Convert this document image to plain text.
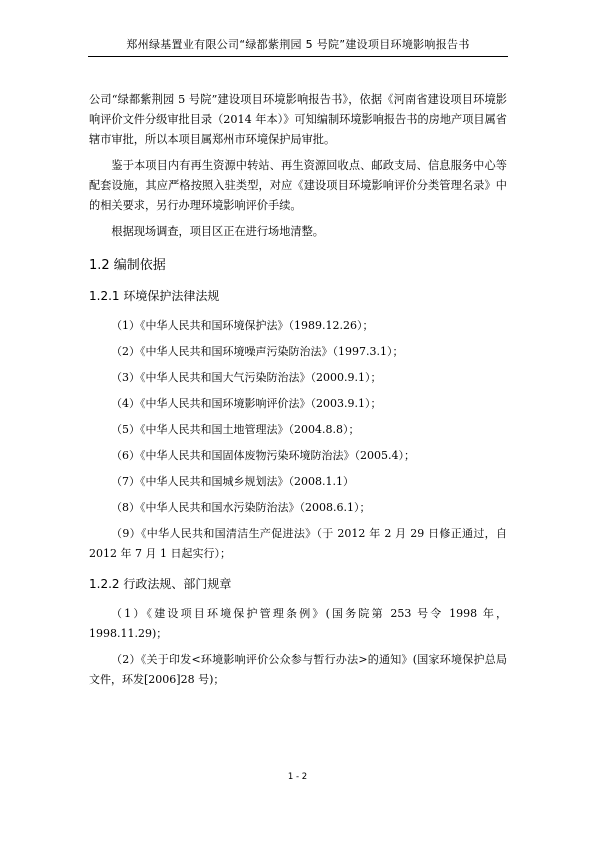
郑州绿基置业有限公司“绿都紫荆园 5 号院”建设项目环境影响报告书

公司“绿都紫荆园 5 号院”建设项目环境影响报告书》，依据《河南省建设项目环境影响评价文件分级审批目录（2014 年本）》可知编制环境影响报告书的房地产项目属省辖市审批，所以本项目属郑州市环境保护局审批。

鉴于本项目内有再生资源中转站、再生资源回收点、邮政支局、信息服务中心等配套设施，其应严格按照入驻类型，对应《建设项目环境影响评价分类管理名录》中的相关要求，另行办理环境影响评价手续。

根据现场调查，项目区正在进行场地清整。

1.2 编制依据
1.2.1 环境保护法律法规

（1）《中华人民共和国环境保护法》（1989.12.26）；

（2）《中华人民共和国环境噪声污染防治法》（1997.3.1）；

（3）《中华人民共和国大气污染防治法》（2000.9.1）；

（4）《中华人民共和国环境影响评价法》（2003.9.1）；

（5）《中华人民共和国土地管理法》（2004.8.8）；

（6）《中华人民共和国固体废物污染环境防治法》（2005.4）；

（7）《中华人民共和国城乡规划法》（2008.1.1）

（8）《中华人民共和国水污染防治法》（2008.6.1）；

（9）《中华人民共和国清洁生产促进法》（于 2012 年 2 月 29 日修正通过，自 2012 年 7 月 1 日起实行）；

1.2.2 行政法规、部门规章

（1）《建设项目环境保护管理条例》(国务院第 253 号令 1998 年，1998.11.29)；

（2）《关于印发<环境影响评价公众参与暂行办法>的通知》(国家环境保护总局文件，环发[2006]28 号)；

1 - 2
